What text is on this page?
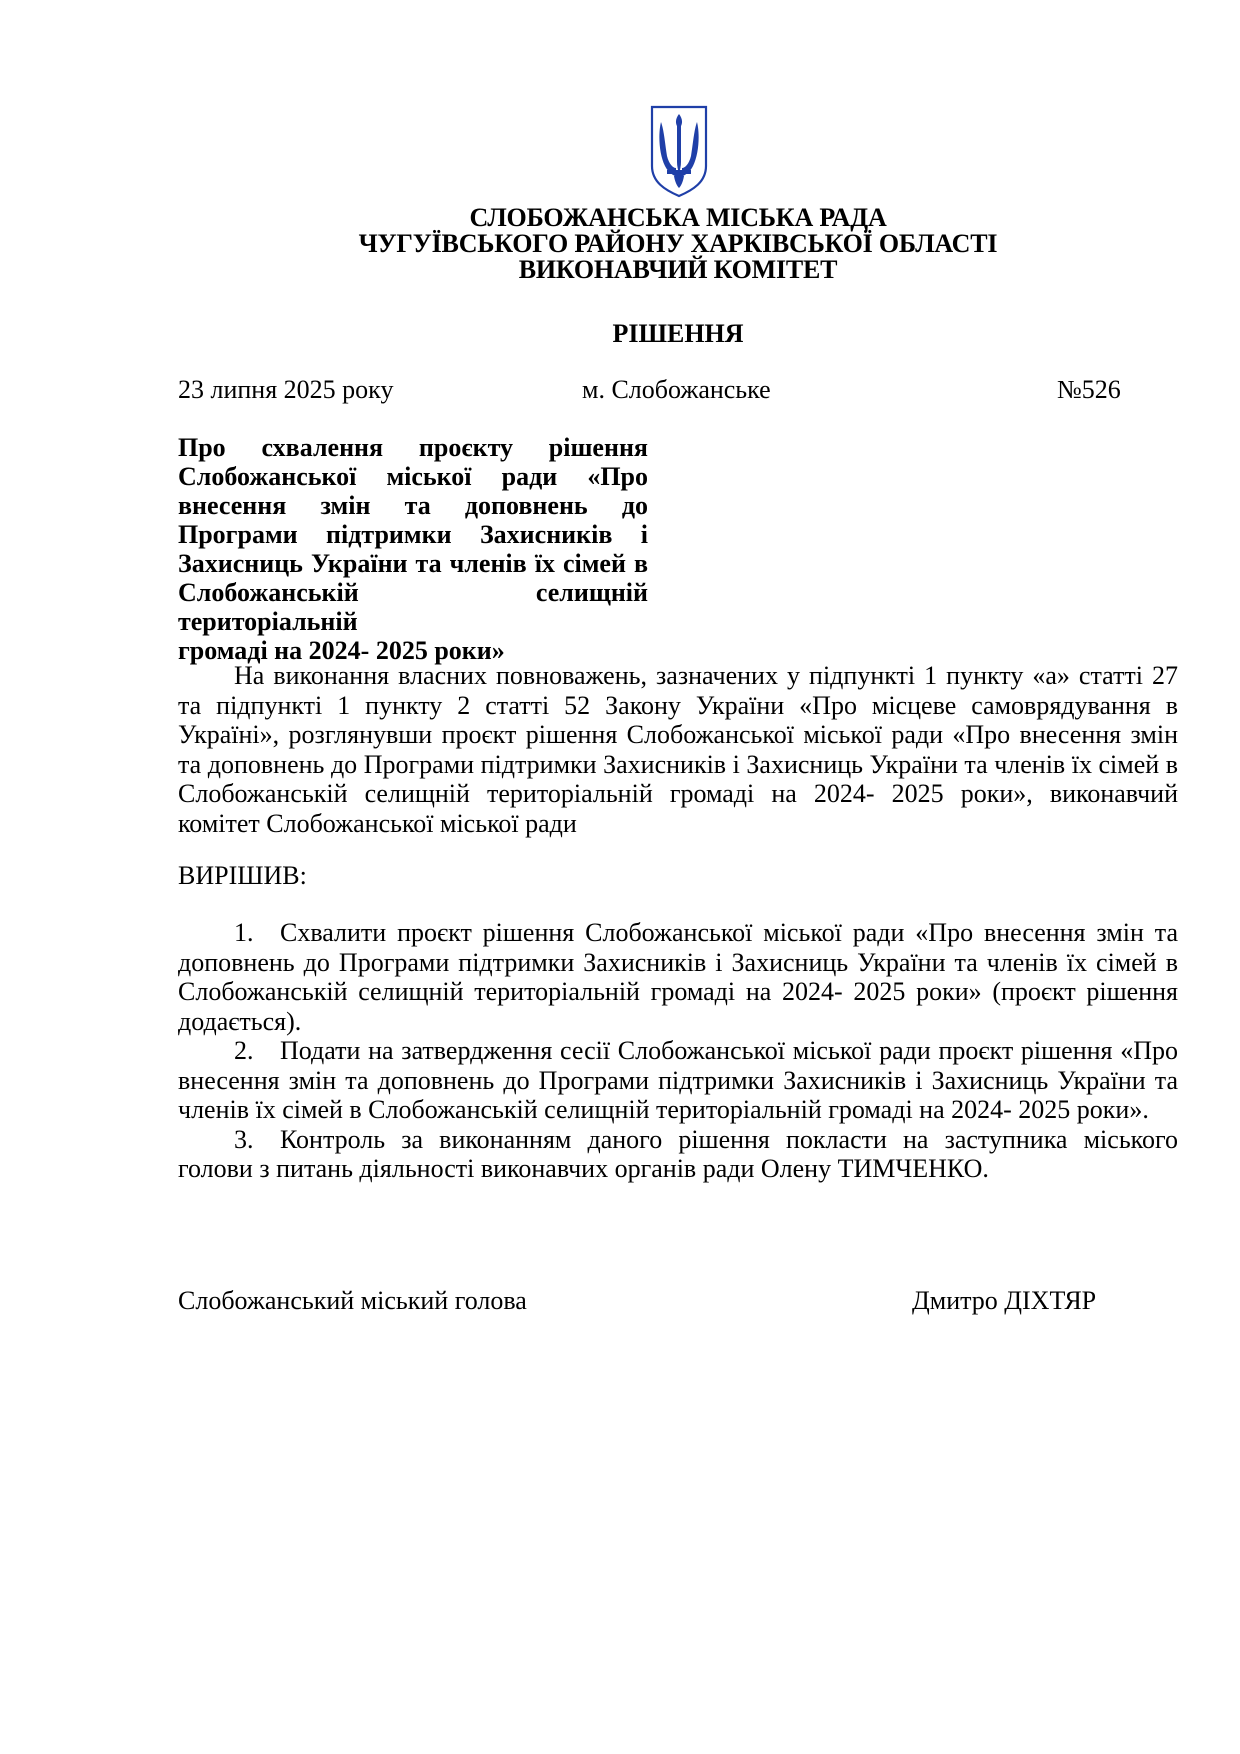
СЛОБОЖАНСЬКА МІСЬКА РАДА
ЧУГУЇВСЬКОГО РАЙОНУ ХАРКІВСЬКОЇ ОБЛАСТІ
ВИКОНАВЧИЙ КОМІТЕТ
РІШЕННЯ
23 липня 2025 року	м. Слобожанське	№526
Про схвалення проєкту рішення Слобожанської міської ради «Про внесення змін та доповнень до Програми підтримки Захисників і Захисниць України та членів їх сімей в Слобожанській селищній територіальній
громаді на 2024- 2025 роки»
На виконання власних повноважень, зазначених у підпункті 1 пункту «а» статті 27 та підпункті 1 пункту 2 статті 52 Закону України «Про місцеве самоврядування в Україні», розглянувши проєкт рішення Слобожанської міської ради «Про внесення змін та доповнень до Програми підтримки Захисників і Захисниць України та членів їх сімей в Слобожанській селищній територіальній громаді на 2024- 2025 роки», виконавчий комітет Слобожанської міської ради
ВИРІШИВ:

1. Схвалити проєкт рішення Слобожанської міської ради «Про внесення змін та доповнень до Програми підтримки Захисників і Захисниць України та членів їх сімей в Слобожанській селищній територіальній громаді на 2024- 2025 роки» (проєкт рішення додається).

2. Подати на затвердження сесії Слобожанської міської ради проєкт рішення «Про внесення змін та доповнень до Програми підтримки Захисників і Захисниць України та членів їх сімей в Слобожанській селищній територіальній громаді на 2024- 2025 роки».

3. Контроль за виконанням даного рішення покласти на заступника міського голови з питань діяльності виконавчих органів ради Олену ТИМЧЕНКО.

Слобожанський міський голова	Дмитро ДІХТЯР
